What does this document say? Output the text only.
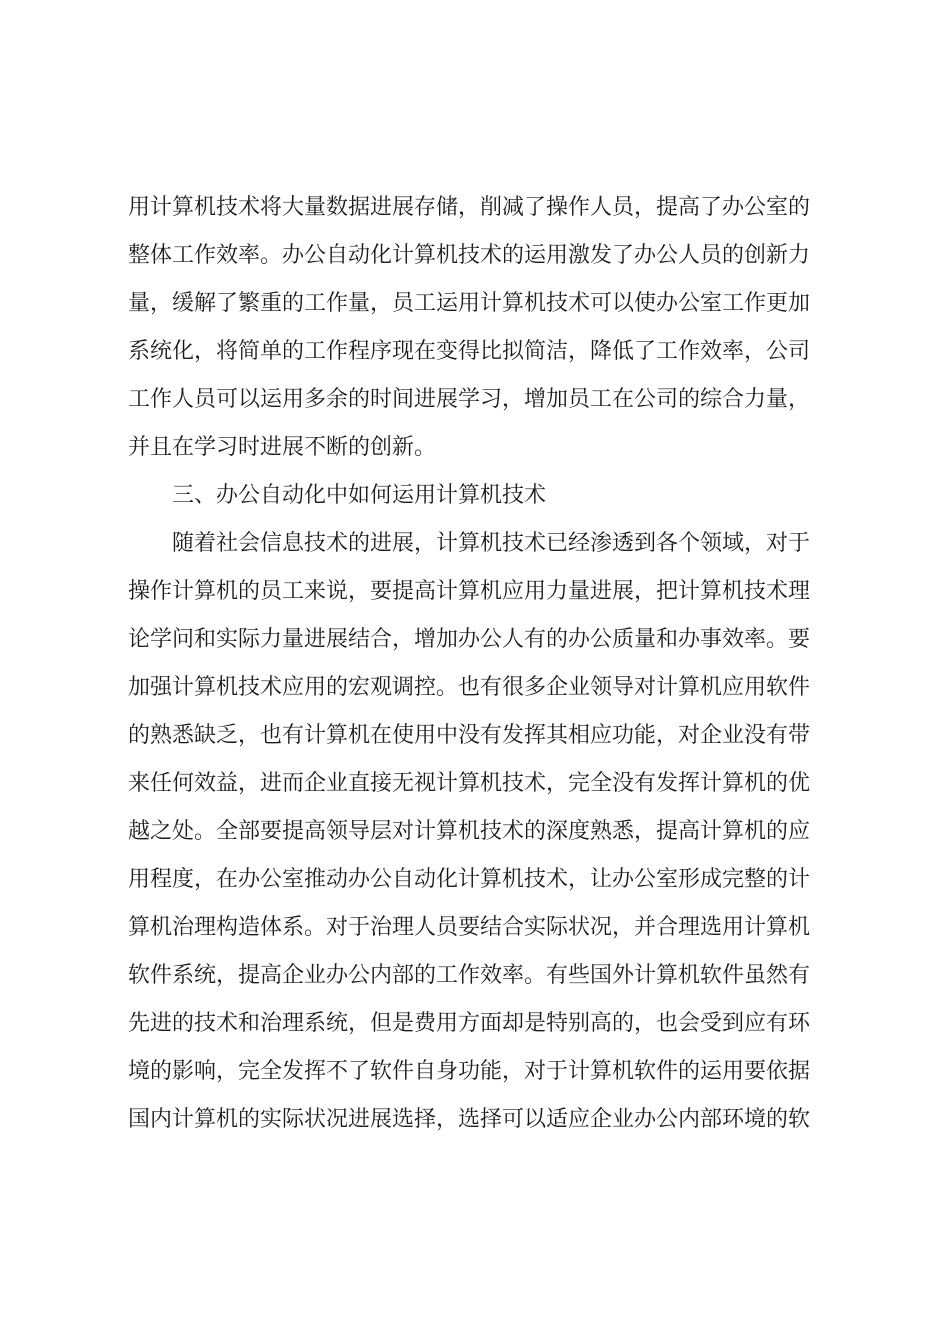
用计算机技术将大量数据进展存储，削减了操作人员，提高了办公室的
整体工作效率。办公自动化计算机技术的运用激发了办公人员的创新力
量，缓解了繁重的工作量，员工运用计算机技术可以使办公室工作更加
系统化，将简单的工作程序现在变得比拟简洁，降低了工作效率，公司
工作人员可以运用多余的时间进展学习，增加员工在公司的综合力量，
并且在学习时进展不断的创新。
三、办公自动化中如何运用计算机技术
随着社会信息技术的进展，计算机技术已经渗透到各个领域，对于
操作计算机的员工来说，要提高计算机应用力量进展，把计算机技术理
论学问和实际力量进展结合，增加办公人有的办公质量和办事效率。要
加强计算机技术应用的宏观调控。也有很多企业领导对计算机应用软件
的熟悉缺乏，也有计算机在使用中没有发挥其相应功能，对企业没有带
来任何效益，进而企业直接无视计算机技术，完全没有发挥计算机的优
越之处。全部要提高领导层对计算机技术的深度熟悉，提高计算机的应
用程度，在办公室推动办公自动化计算机技术，让办公室形成完整的计
算机治理构造体系。对于治理人员要结合实际状况，并合理选用计算机
软件系统，提高企业办公内部的工作效率。有些国外计算机软件虽然有
先进的技术和治理系统，但是费用方面却是特别高的，也会受到应有环
境的影响，完全发挥不了软件自身功能，对于计算机软件的运用要依据
国内计算机的实际状况进展选择，选择可以适应企业办公内部环境的软
